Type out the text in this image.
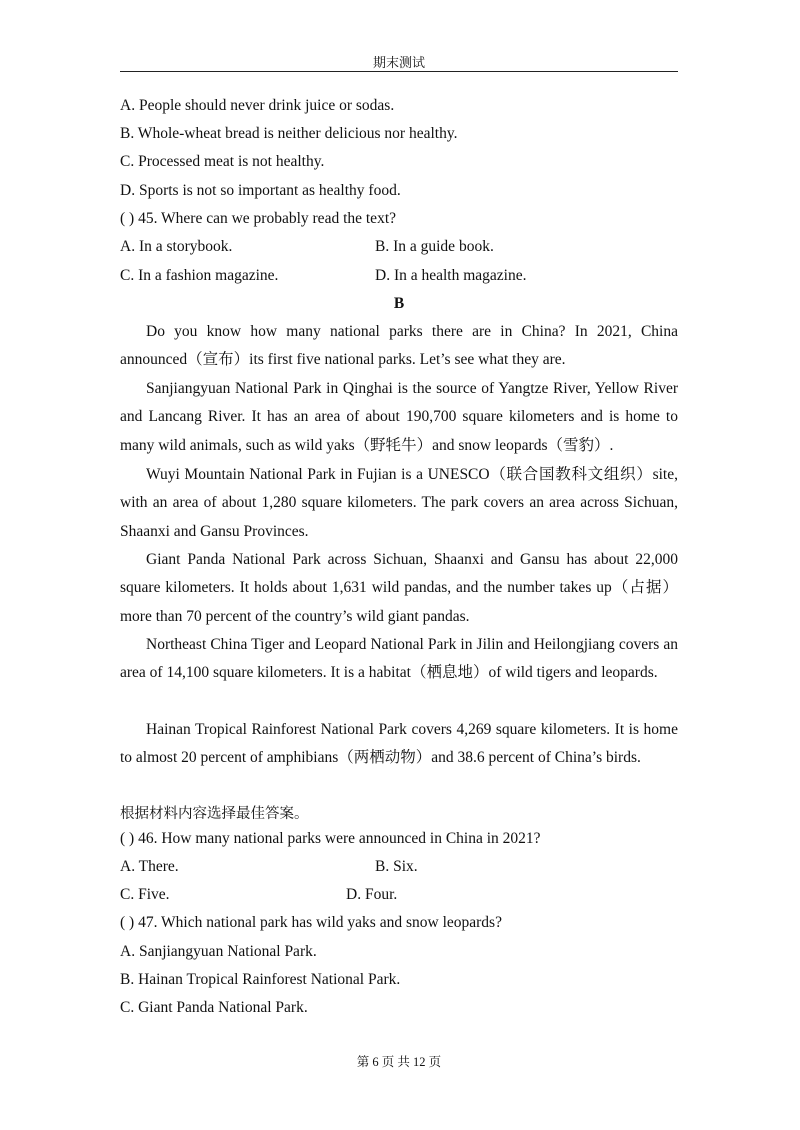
期末测试
A. People should never drink juice or sodas.
B. Whole-wheat bread is neither delicious nor healthy.
C. Processed meat is not healthy.
D. Sports is not so important as healthy food.
( ) 45. Where can we probably read the text?
A. In a storybook.	B. In a guide book.
C. In a fashion magazine.	D. In a health magazine.
B
Do you know how many national parks there are in China? In 2021, China announced（宣布）its first five national parks. Let’s see what they are.
Sanjiangyuan National Park in Qinghai is the source of Yangtze River, Yellow River and Lancang River. It has an area of about 190,700 square kilometers and is home to many wild animals, such as wild yaks（野牦牛）and snow leopards（雪豹）.
Wuyi Mountain National Park in Fujian is a UNESCO（联合国教科文组织）site, with an area of about 1,280 square kilometers. The park covers an area across Sichuan, Shaanxi and Gansu Provinces.
Giant Panda National Park across Sichuan, Shaanxi and Gansu has about 22,000 square kilometers. It holds about 1,631 wild pandas, and the number takes up（占据）more than 70 percent of the country’s wild giant pandas.
Northeast China Tiger and Leopard National Park in Jilin and Heilongjiang covers an area of 14,100 square kilometers. It is a habitat（栖息地）of wild tigers and leopards.
Hainan Tropical Rainforest National Park covers 4,269 square kilometers. It is home to almost 20 percent of amphibians（两栖动物）and 38.6 percent of China’s birds.
根据材料内容选择最佳答案。
( ) 46. How many national parks were announced in China in 2021?
A. There.	B. Six.
C. Five.	D. Four.
( ) 47. Which national park has wild yaks and snow leopards?
A. Sanjiangyuan National Park.
B. Hainan Tropical Rainforest National Park.
C. Giant Panda National Park.
第 6 页 共 12 页
